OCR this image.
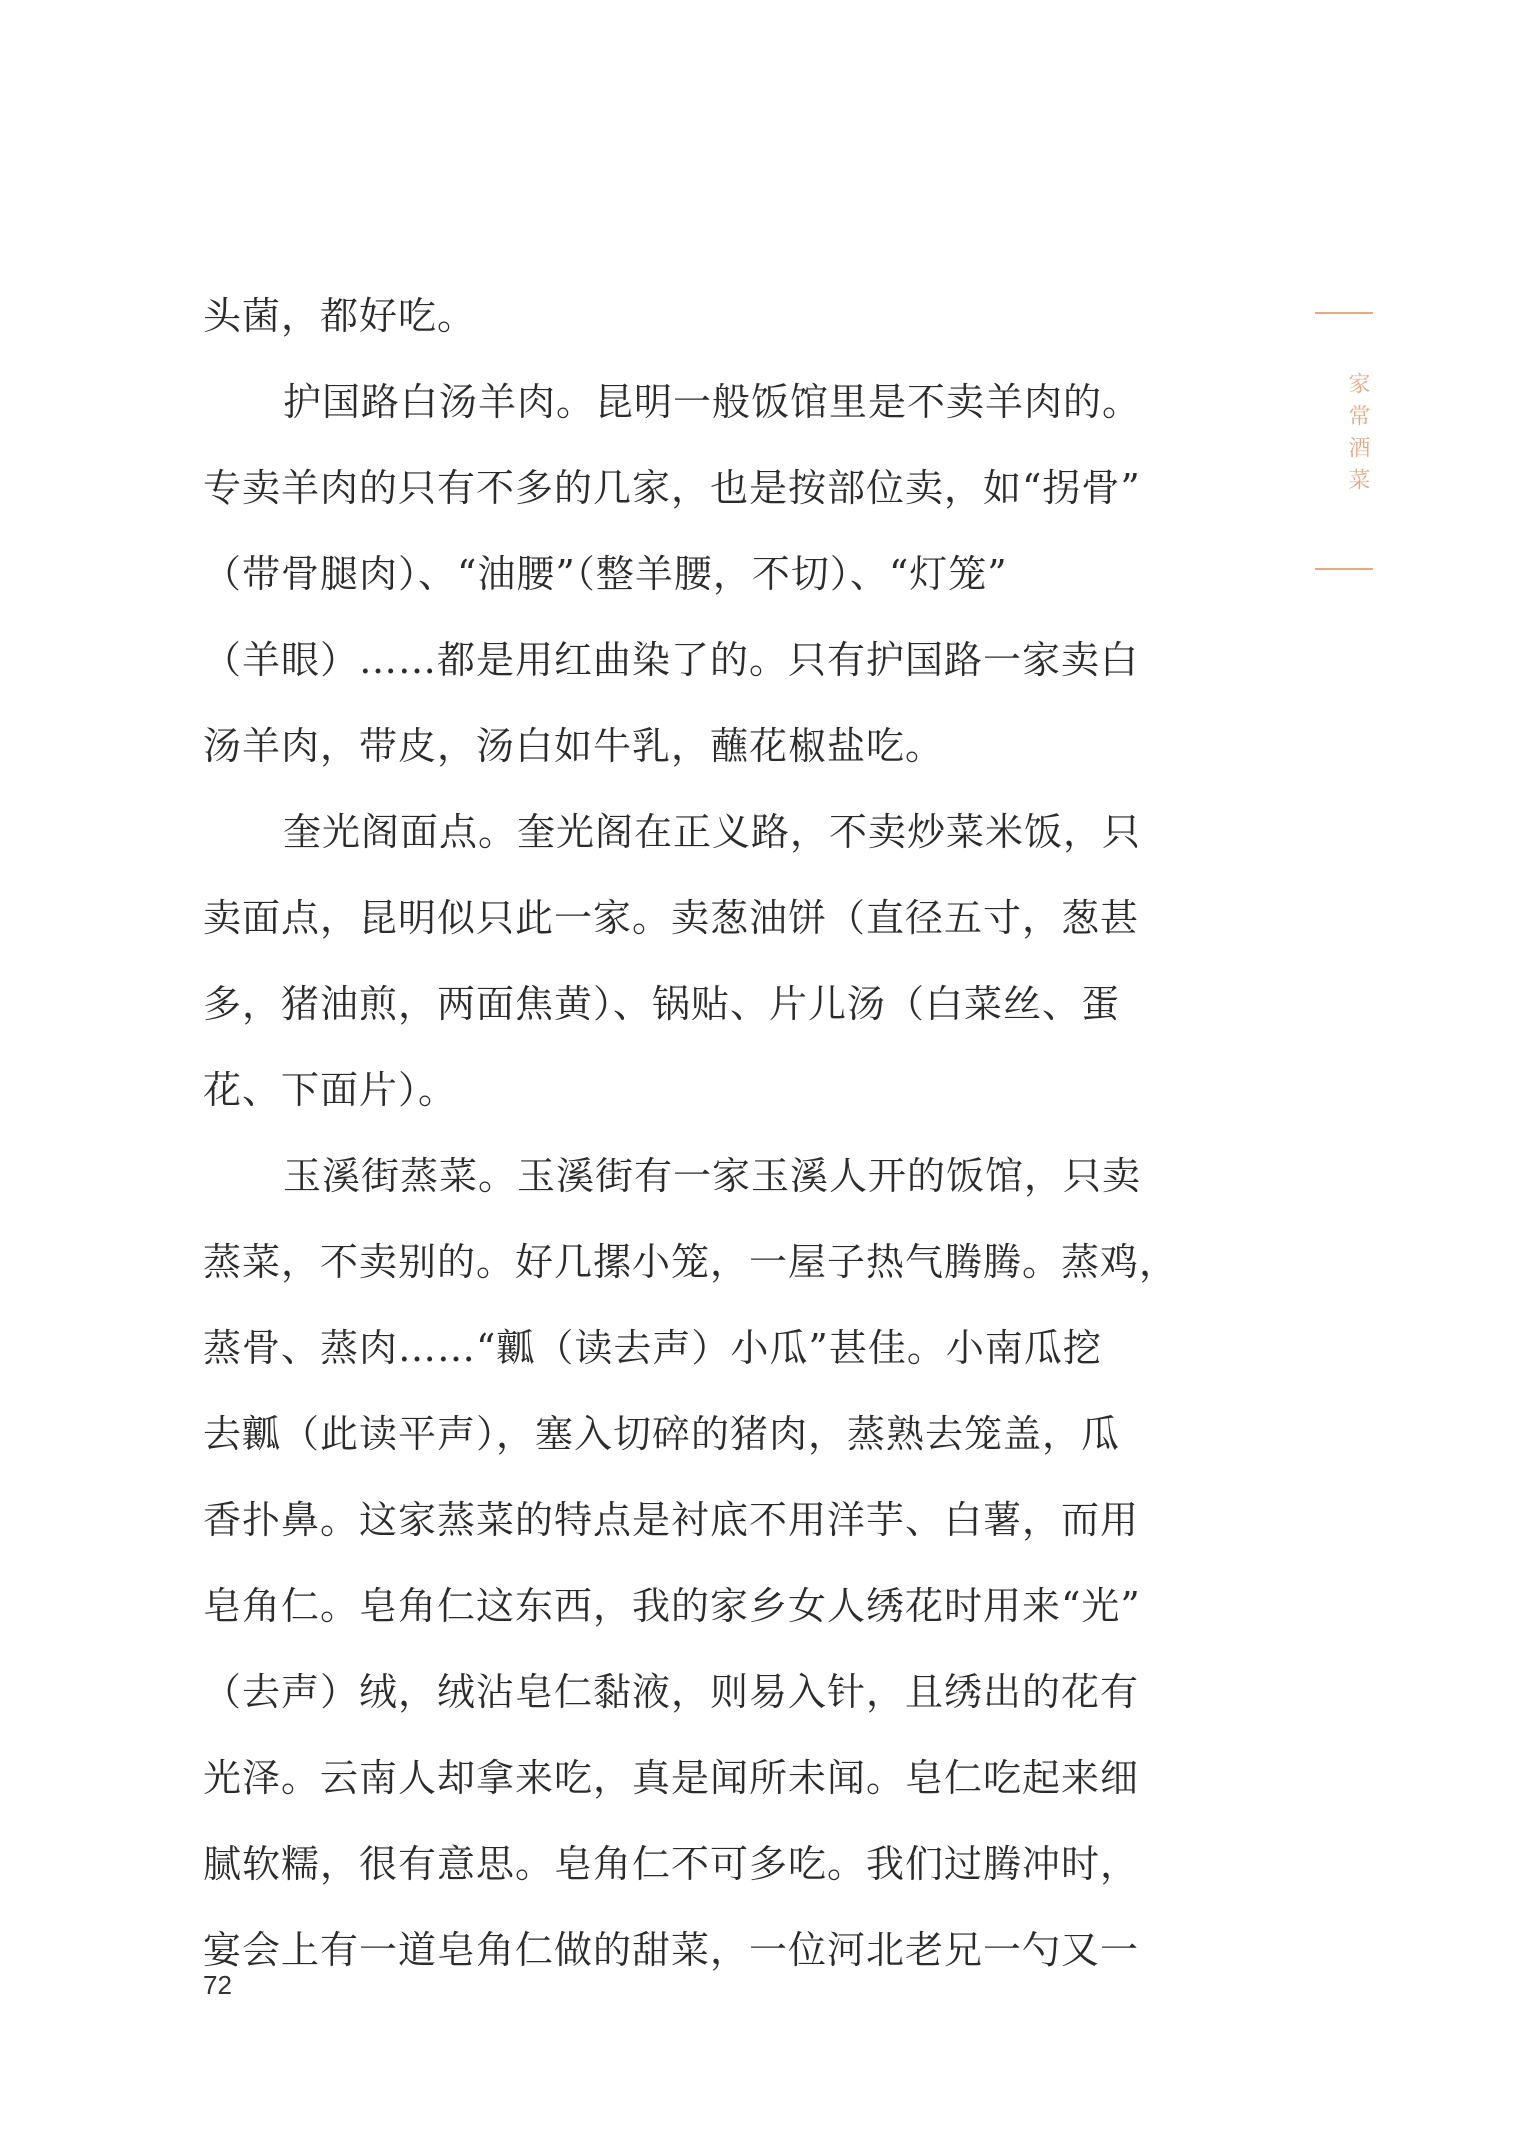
家常酒菜
头菌，都好吃。
护国路白汤羊肉。昆明一般饭馆里是不卖羊肉的。
专卖羊肉的只有不多的几家，也是按部位卖，如“拐骨”
（带骨腿肉）、“油腰”（整羊腰，不切）、“灯笼”
（羊眼）……都是用红曲染了的。只有护国路一家卖白
汤羊肉，带皮，汤白如牛乳，蘸花椒盐吃。
奎光阁面点。奎光阁在正义路，不卖炒菜米饭，只
卖面点，昆明似只此一家。卖葱油饼（直径五寸，葱甚
多，猪油煎，两面焦黄）、锅贴、片儿汤（白菜丝、蛋
花、下面片）。
玉溪街蒸菜。玉溪街有一家玉溪人开的饭馆，只卖
蒸菜，不卖别的。好几摞小笼，一屋子热气腾腾。蒸鸡，
蒸骨、蒸肉……“瓤（读去声）小瓜”甚佳。小南瓜挖
去瓤（此读平声），塞入切碎的猪肉，蒸熟去笼盖，瓜
香扑鼻。这家蒸菜的特点是衬底不用洋芋、白薯，而用
皂角仁。皂角仁这东西，我的家乡女人绣花时用来“光”
（去声）绒，绒沾皂仁黏液，则易入针，且绣出的花有
光泽。云南人却拿来吃，真是闻所未闻。皂仁吃起来细
腻软糯，很有意思。皂角仁不可多吃。我们过腾冲时，
宴会上有一道皂角仁做的甜菜，一位河北老兄一勺又一
72
